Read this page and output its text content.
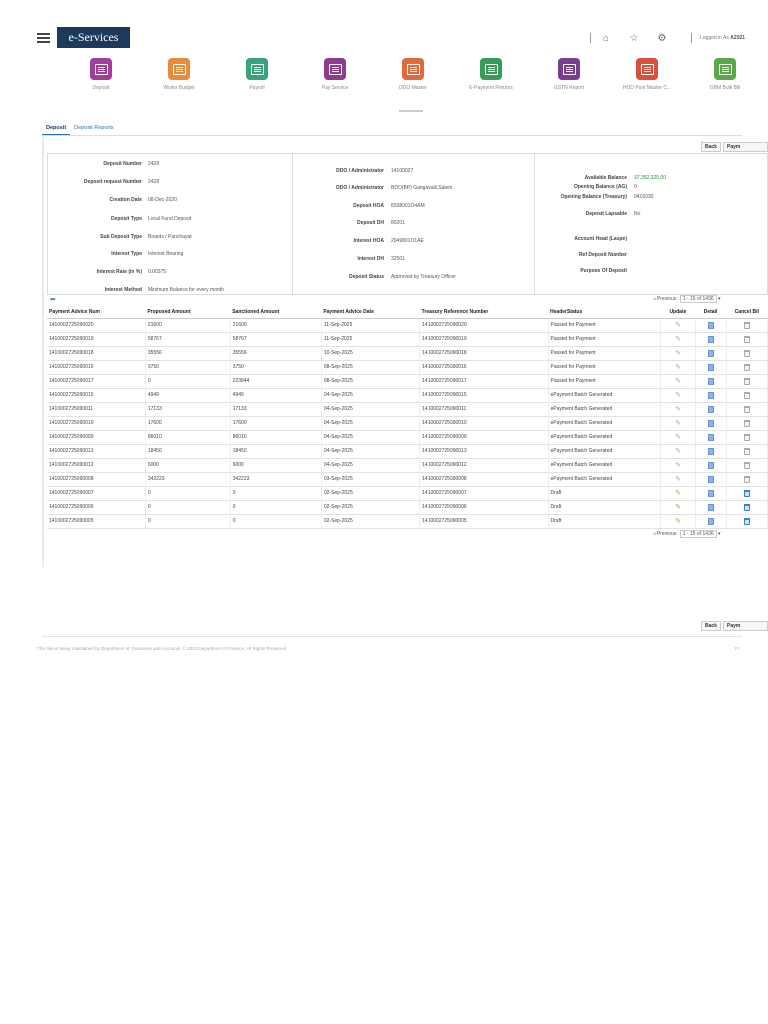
e-Services	⌂	☆ ⚙	Logged in As
A2021
Deposit	Works Budget	Payroll	Pay Service	DDO Master	E-Payment Returns	GSTN Report	HOD Post Master C...	GBM Bulk Bill
Deposit	Deposit Reports
Back	Paym
Deposit Number 2428
Deposit request Number 2428
Creation Date 08-Dec-2020
Deposit Type Local Fund Deposit
Sub Deposit Type Boards / Panchayat
Interest Type Interest Bearing
Interest Rate (in %) 0.00375
Interest Method Minimum Balance for every month
DDO / Administrator 14100027
DDO / Administrator BDO(BP) Gangavalli,Salem
Deposit HOA 8338001O4AM
Deposit DH 80201
Interest HOA 2049801O1AE
Interest DH 32501
Deposit Status Approved by Treasury Officer
Available Balance 37,352,325.00
Opening Balance (AG) 0
Opening Balance (Treasury) 9416030
Deposit Lapsable No
Account Head (Laspe)
Ref Deposit Number
Purpose Of Deposit
•••	◃ Previous 1 - 15 of 1436 ▾
Payment Advice Num	Proposed Amount	Sanctioned Amount	Payment Advice Date	Treasury Reference Number	HeaderStatus	Update	Detail	Cancel Bil
1410002725090020	21600	21600	11-Sep-2025	1410002725090020	Passed for Payment	✎		
1410002725090019	58767	58767	11-Sep-2025	1410002725090019	Passed for Payment	✎		
1410002725090018	35556	35556	10-Sep-2025	1410002725090018	Passed for Payment	✎		
1410002725090016	3750	3750	08-Sep-2025	1410002725090016	Passed for Payment	✎		
1410002725090017	0	223844	08-Sep-2025	1410002725090017	Passed for Payment	✎		
1410002725090015	4949	4949	04-Sep-2025	1410002725090015	ePayment Batch Generated	✎		
1410002725090011	17133	17133	04-Sep-2025	1410002725090011	ePayment Batch Generated	✎		
1410002725090010	17600	17600	04-Sep-2025	1410002725090010	ePayment Batch Generated	✎		
1410002725090009	86010	86010	04-Sep-2025	1410002725090009	ePayment Batch Generated	✎		
1410002725090013	18450	18450	04-Sep-2025	1410002725090013	ePayment Batch Generated	✎		
1410002725090012	6000	6000	04-Sep-2025	1410002725090012	ePayment Batch Generated	✎		
1410002725090008	342223	342223	03-Sep-2025	1410002725090008	ePayment Batch Generated	✎		
1410002725090007	0	0	02-Sep-2025	1410002725090007	Draft	✎		
1410002725090006	0	0	02-Sep-2025	1410002725090006	Draft	✎		
1410002725090005	0	0	02-Sep-2025	1410002725090005	Draft	✎		
◃ Previous 1 - 15 of 1436 ▾
Back	Paym
This site is being maintained by Department of Treasuries and Accounts. © 2023 Department of Finance. All Rights Reserved.	Fr
